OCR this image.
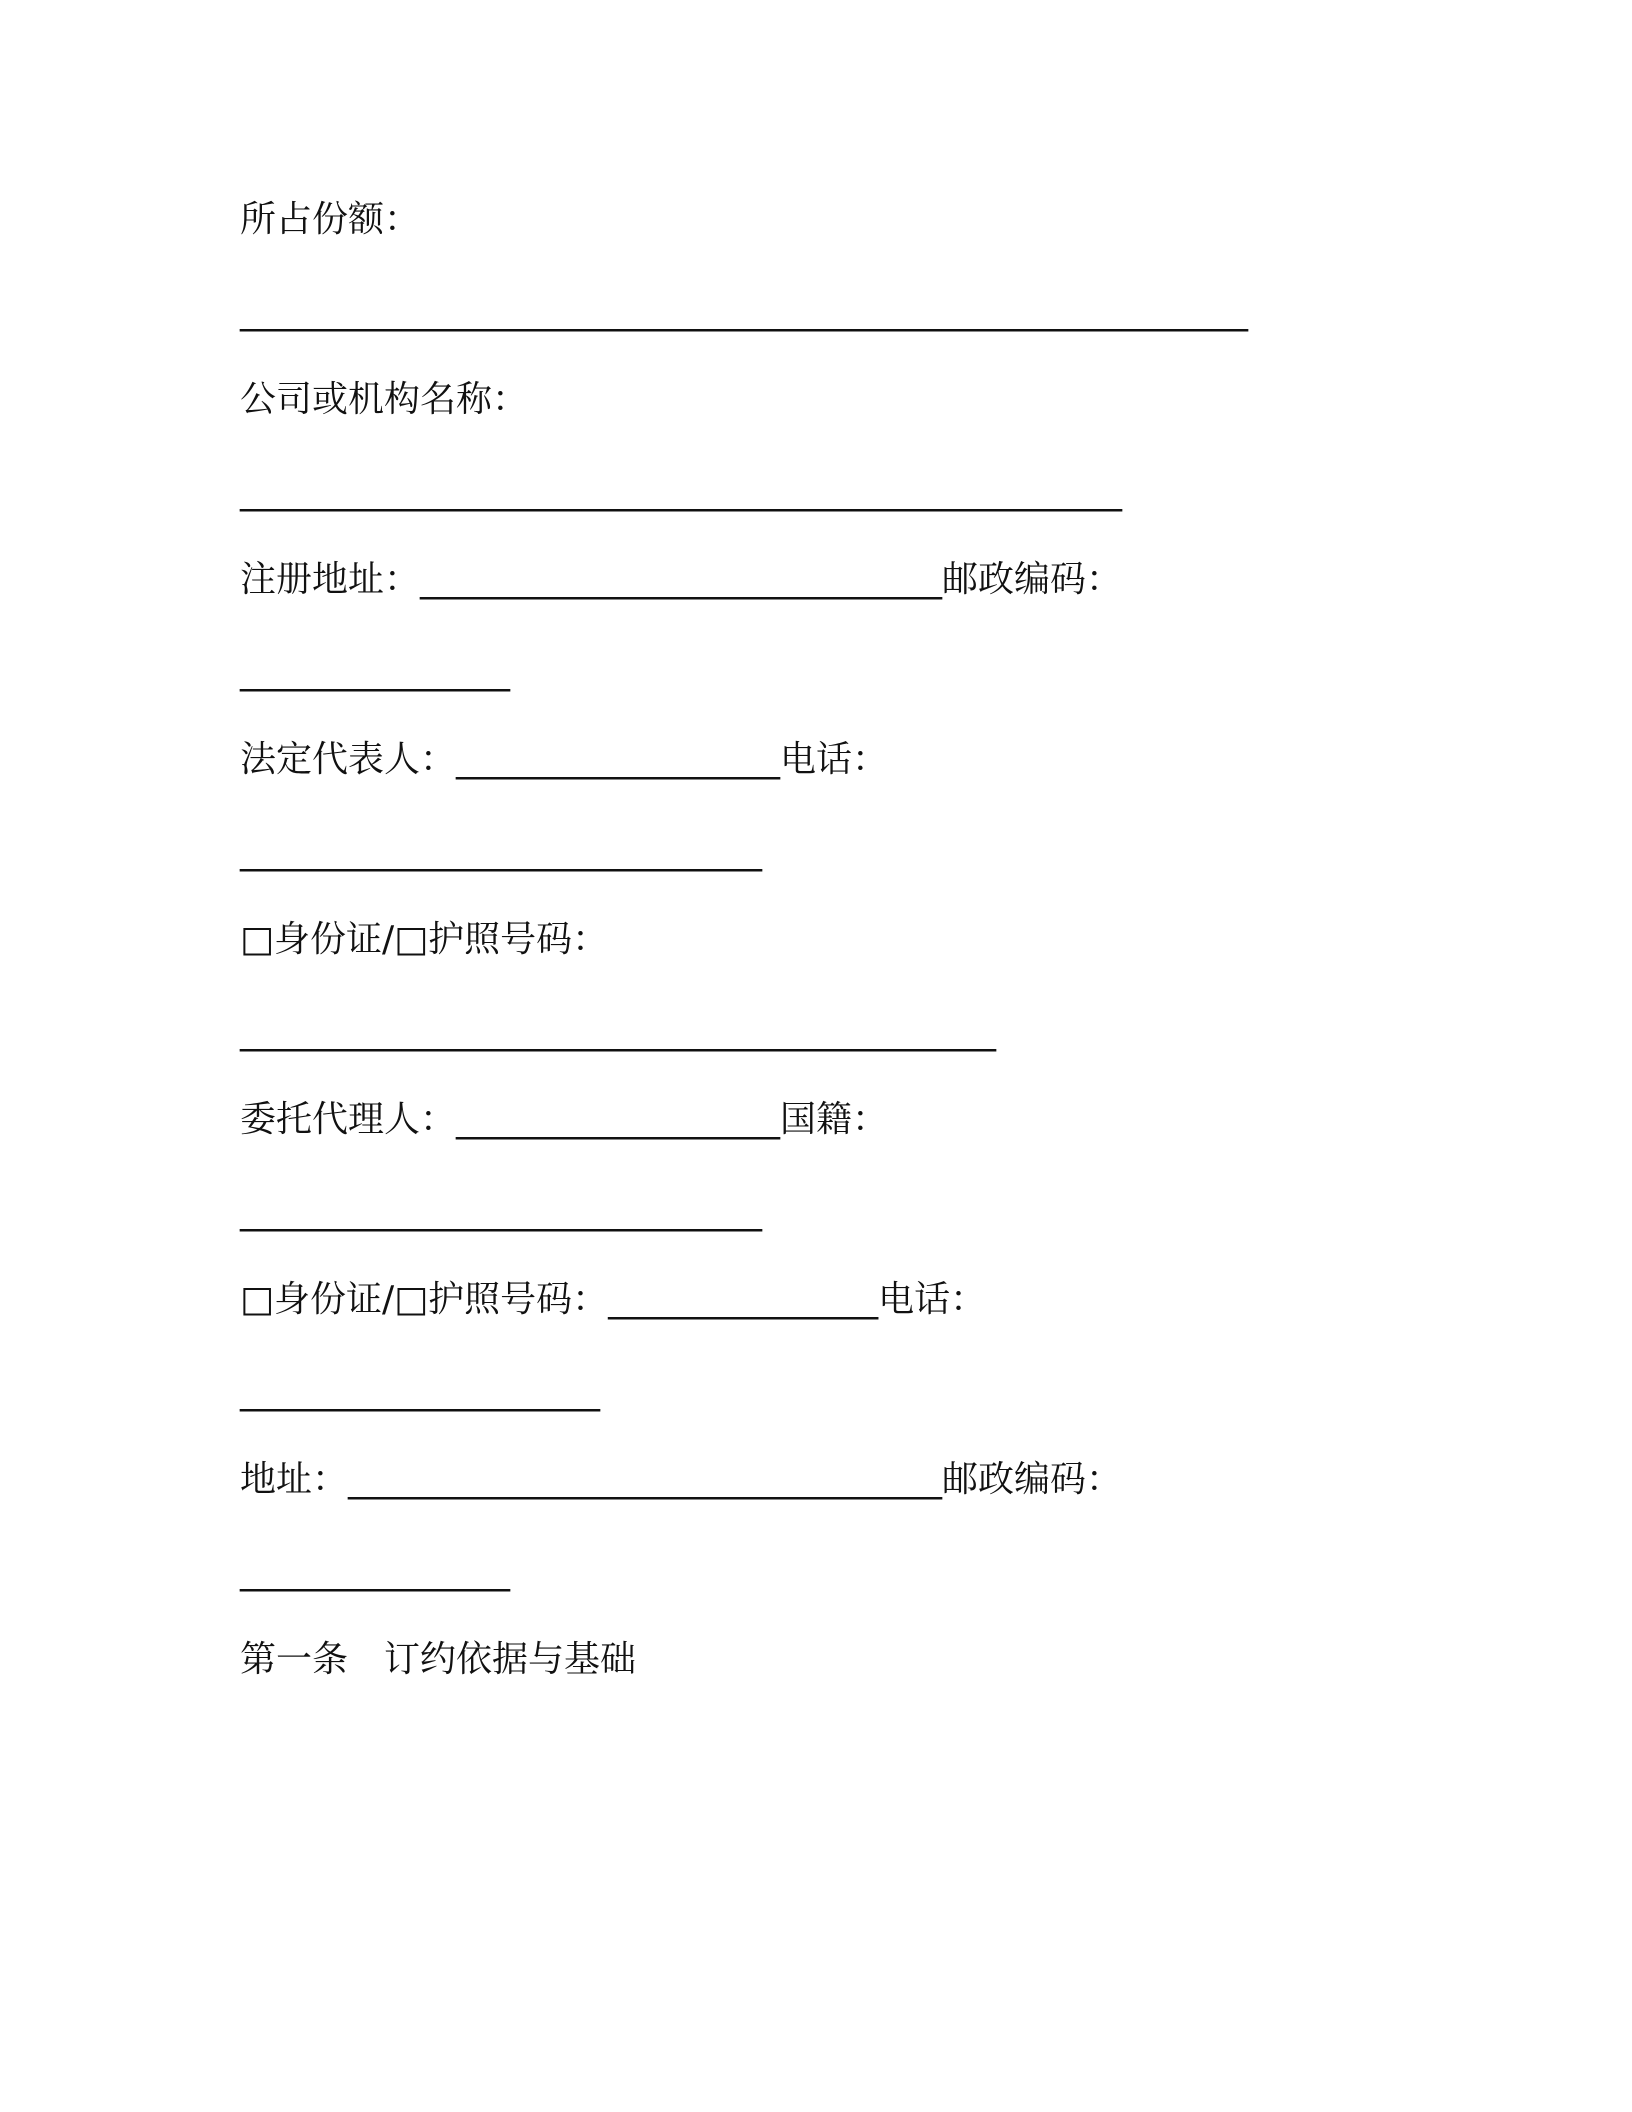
所占份额：
________________________________________________________
公司或机构名称：
_________________________________________________
注册地址：_____________________________邮政编码：
_______________
法定代表人：__________________电话：
_____________________________
□身份证/□护照号码：
__________________________________________
委托代理人：__________________国籍：
_____________________________
□身份证/□护照号码：_______________电话：
____________________
地址：_________________________________邮政编码：
_______________
第一条　订约依据与基础
